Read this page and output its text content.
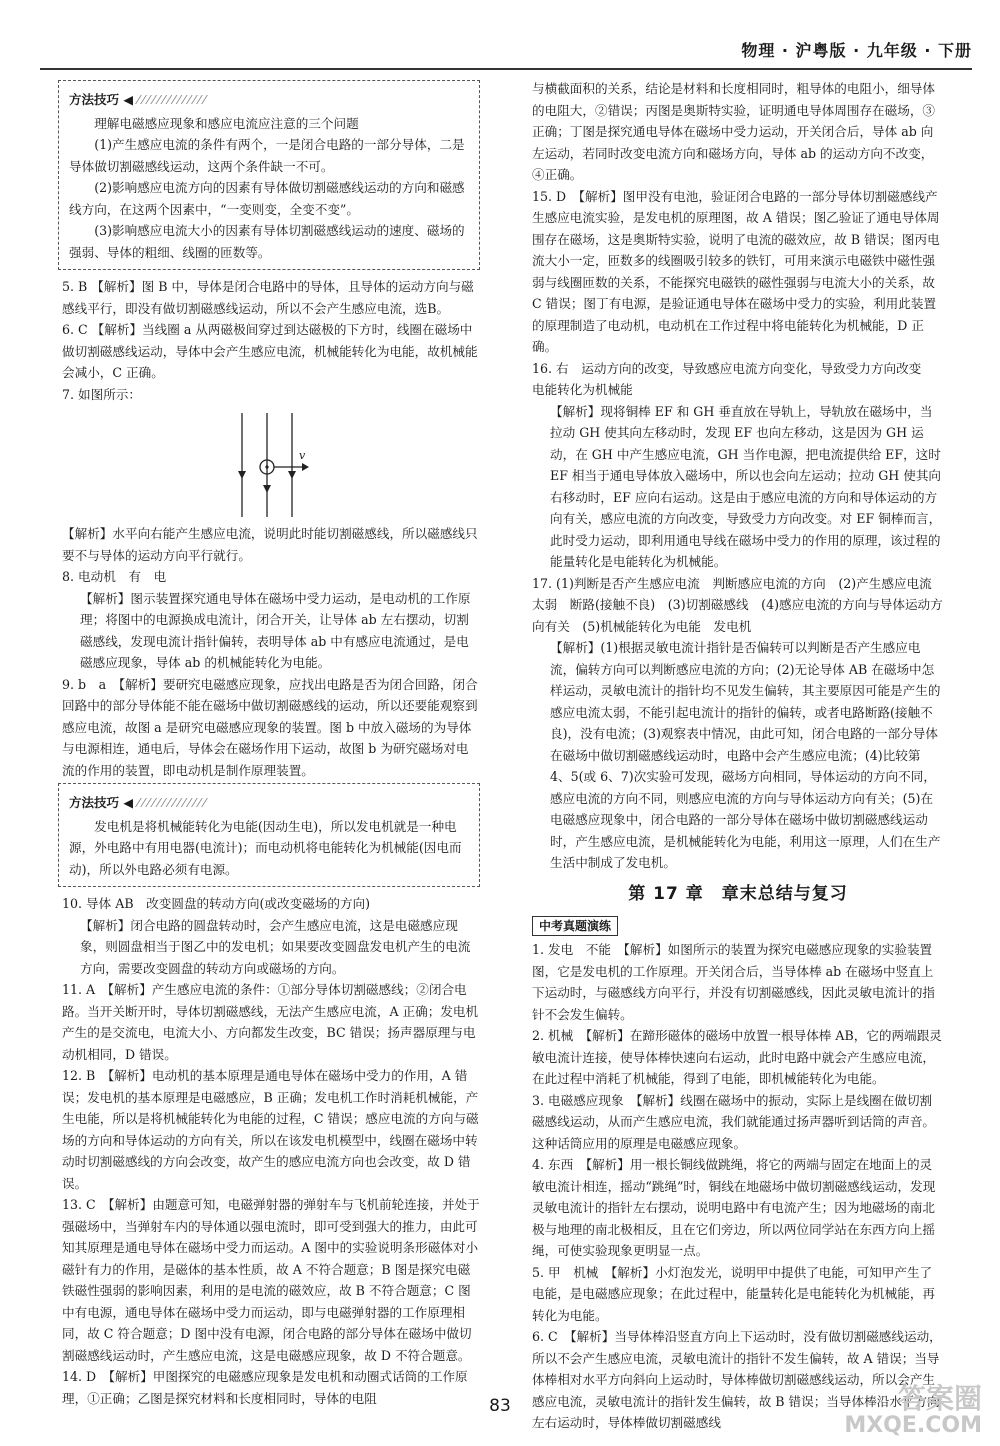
物理 · 沪粤版 · 九年级 · 下册
方法技巧 ◀ ⁄⁄⁄⁄⁄⁄⁄⁄⁄⁄⁄⁄⁄⁄

理解电磁感应现象和感应电流应注意的三个问题

(1)产生感应电流的条件有两个，一是闭合电路的一部分导体，二是导体做切割磁感线运动，这两个条件缺一不可。

(2)影响感应电流方向的因素有导体做切割磁感线运动的方向和磁感线方向，在这两个因素中，“一变则变，全变不变”。

(3)影响感应电流大小的因素有导体切割磁感线运动的速度、磁场的强弱、导体的粗细、线圈的匝数等。

5. B 【解析】图 B 中，导体是闭合电路中的导体，且导体的运动方向与磁感线平行，即没有做切割磁感线运动，所以不会产生感应电流，选B。

6. C 【解析】当线圈 a 从两磁极间穿过到达磁极的下方时，线圈在磁场中做切割磁感线运动，导体中会产生感应电流，机械能转化为电能，故机械能会减小，C 正确。

7. 如图所示：

v

【解析】水平向右能产生感应电流，说明此时能切割磁感线，所以磁感线只要不与导体的运动方向平行就行。

8. 电动机　有　电

【解析】图示装置探究通电导体在磁场中受力运动，是电动机的工作原理；将图中的电源换成电流计，闭合开关，让导体 ab 左右摆动，切割磁感线，发现电流计指针偏转，表明导体 ab 中有感应电流通过，是电磁感应现象，导体 ab 的机械能转化为电能。

9. b　a　【解析】要研究电磁感应现象，应找出电路是否为闭合回路，闭合回路中的部分导体能不能在磁场中做切割磁感线的运动，所以还要能观察到感应电流，故图 a 是研究电磁感应现象的装置。图 b 中放入磁场的为导体与电源相连，通电后，导体会在磁场作用下运动，故图 b 为研究磁场对电流的作用的装置，即电动机是制作原理装置。

方法技巧 ◀ ⁄⁄⁄⁄⁄⁄⁄⁄⁄⁄⁄⁄⁄⁄

发电机是将机械能转化为电能(因动生电)，所以发电机就是一种电源，外电路中有用电器(电流计)；而电动机将电能转化为机械能(因电而动)，所以外电路必须有电源。

10. 导体 AB　改变圆盘的转动方向(或改变磁场的方向)

【解析】闭合电路的圆盘转动时，会产生感应电流，这是电磁感应现象，则圆盘相当于图乙中的发电机；如果要改变圆盘发电机产生的电流方向，需要改变圆盘的转动方向或磁场的方向。

11. A　【解析】产生感应电流的条件：①部分导体切割磁感线；②闭合电路。当开关断开时，导体切割磁感线，无法产生感应电流，A 正确；发电机产生的是交流电，电流大小、方向都发生改变，BC 错误；扬声器原理与电动机相同，D 错误。

12. B　【解析】电动机的基本原理是通电导体在磁场中受力的作用，A 错误；发电机的基本原理是电磁感应，B 正确；发电机工作时消耗机械能，产生电能，所以是将机械能转化为电能的过程，C 错误；感应电流的方向与磁场的方向和导体运动的方向有关，所以在该发电机模型中，线圈在磁场中转动时切割磁感线的方向会改变，故产生的感应电流方向也会改变，故 D 错误。

13. C　【解析】由题意可知，电磁弹射器的弹射车与飞机前轮连接，并处于强磁场中，当弹射车内的导体通以强电流时，即可受到强大的推力，由此可知其原理是通电导体在磁场中受力而运动。A 图中的实验说明条形磁体对小磁针有力的作用，是磁体的基本性质，故 A 不符合题意；B 图是探究电磁铁磁性强弱的影响因素，利用的是电流的磁效应，故 B 不符合题意；C 图中有电源，通电导体在磁场中受力而运动，即与电磁弹射器的工作原理相同，故 C 符合题意；D 图中没有电源，闭合电路的部分导体在磁场中做切割磁感线运动时，产生感应电流，这是电磁感应现象，故 D 不符合题意。

14. D　【解析】甲图探究的电磁感应现象是发电机和动圈式话筒的工作原理，①正确；乙图是探究材料和长度相同时，导体的电阻

与横截面积的关系，结论是材料和长度相同时，粗导体的电阻小，细导体的电阻大，②错误；丙图是奥斯特实验，证明通电导体周围存在磁场，③正确；丁图是探究通电导体在磁场中受力运动，开关闭合后，导体 ab 向左运动，若同时改变电流方向和磁场方向，导体 ab 的运动方向不改变，④正确。

15. D　【解析】图甲没有电池，验证闭合电路的一部分导体切割磁感线产生感应电流实验，是发电机的原理图，故 A 错误；图乙验证了通电导体周围存在磁场，这是奥斯特实验，说明了电流的磁效应，故 B 错误；图丙电流大小一定，匝数多的线圈吸引较多的铁钉，可用来演示电磁铁中磁性强弱与线圈匝数的关系，不能探究电磁铁的磁性强弱与电流大小的关系，故 C 错误；图丁有电源，是验证通电导体在磁场中受力的实验，利用此装置的原理制造了电动机，电动机在工作过程中将电能转化为机械能，D 正确。

16. 右　运动方向的改变，导致感应电流方向变化，导致受力方向改变　电能转化为机械能

【解析】现将铜棒 EF 和 GH 垂直放在导轨上，导轨放在磁场中，当拉动 GH 使其向左移动时，发现 EF 也向左移动，这是因为 GH 运动，在 GH 中产生感应电流，GH 当作电源，把电流提供给 EF，这时 EF 相当于通电导体放入磁场中，所以也会向左运动；拉动 GH 使其向右移动时，EF 应向右运动。这是由于感应电流的方向和导体运动的方向有关，感应电流的方向改变，导致受力方向改变。对 EF 铜棒而言，此时受力运动，即利用通电导线在磁场中受力的作用的原理，该过程的能量转化是电能转化为机械能。

17. (1)判断是否产生感应电流　判断感应电流的方向　(2)产生感应电流太弱　断路(接触不良)　(3)切割磁感线　(4)感应电流的方向与导体运动方向有关　(5)机械能转化为电能　发电机

【解析】(1)根据灵敏电流计指针是否偏转可以判断是否产生感应电流，偏转方向可以判断感应电流的方向；(2)无论导体 AB 在磁场中怎样运动，灵敏电流计的指针均不见发生偏转，其主要原因可能是产生的感应电流太弱，不能引起电流计的指针的偏转，或者电路断路(接触不良)，没有电流；(3)观察表中情况，由此可知，闭合电路的一部分导体在磁场中做切割磁感线运动时，电路中会产生感应电流；(4)比较第 4、5(或 6、7)次实验可发现，磁场方向相同，导体运动的方向不同，感应电流的方向不同，则感应电流的方向与导体运动方向有关；(5)在电磁感应现象中，闭合电路的一部分导体在磁场中做切割磁感线运动时，产生感应电流，是机械能转化为电能，利用这一原理，人们在生产生活中制成了发电机。

第 17 章　章末总结与复习
中考真题演练

1. 发电　不能　【解析】如图所示的装置为探究电磁感应现象的实验装置图，它是发电机的工作原理。开关闭合后，当导体棒 ab 在磁场中竖直上下运动时，与磁感线方向平行，并没有切割磁感线，因此灵敏电流计的指针不会发生偏转。

2. 机械　【解析】在蹄形磁体的磁场中放置一根导体棒 AB，它的两端跟灵敏电流计连接，使导体棒快速向右运动，此时电路中就会产生感应电流，在此过程中消耗了机械能，得到了电能，即机械能转化为电能。

3. 电磁感应现象　【解析】线圈在磁场中的振动，实际上是线圈在做切割磁感线运动，从而产生感应电流，我们就能通过扬声器听到话筒的声音。这种话筒应用的原理是电磁感应现象。

4. 东西　【解析】用一根长铜线做跳绳，将它的两端与固定在地面上的灵敏电流计相连，摇动“跳绳”时，铜线在地磁场中做切割磁感线运动，发现灵敏电流计的指针左右摆动，说明电路中有电流产生；因为地磁场的南北极与地理的南北极相反，且在它们旁边，所以两位同学站在东西方向上摇绳，可使实验现象更明显一点。

5. 甲　机械　【解析】小灯泡发光，说明甲中提供了电能，可知甲产生了电能，是电磁感应现象；在此过程中，能量转化是电能转化为机械能，再转化为电能。

6. C　【解析】当导体棒沿竖直方向上下运动时，没有做切割磁感线运动，所以不会产生感应电流，灵敏电流计的指针不发生偏转，故 A 错误；当导体棒相对水平方向斜向上运动时，导体棒做切割磁感线运动，所以会产生感应电流，灵敏电流计的指针发生偏转，故 B 错误；当导体棒沿水平方向左右运动时，导体棒做切割磁感线

83	答案圈
MXQE.COM
